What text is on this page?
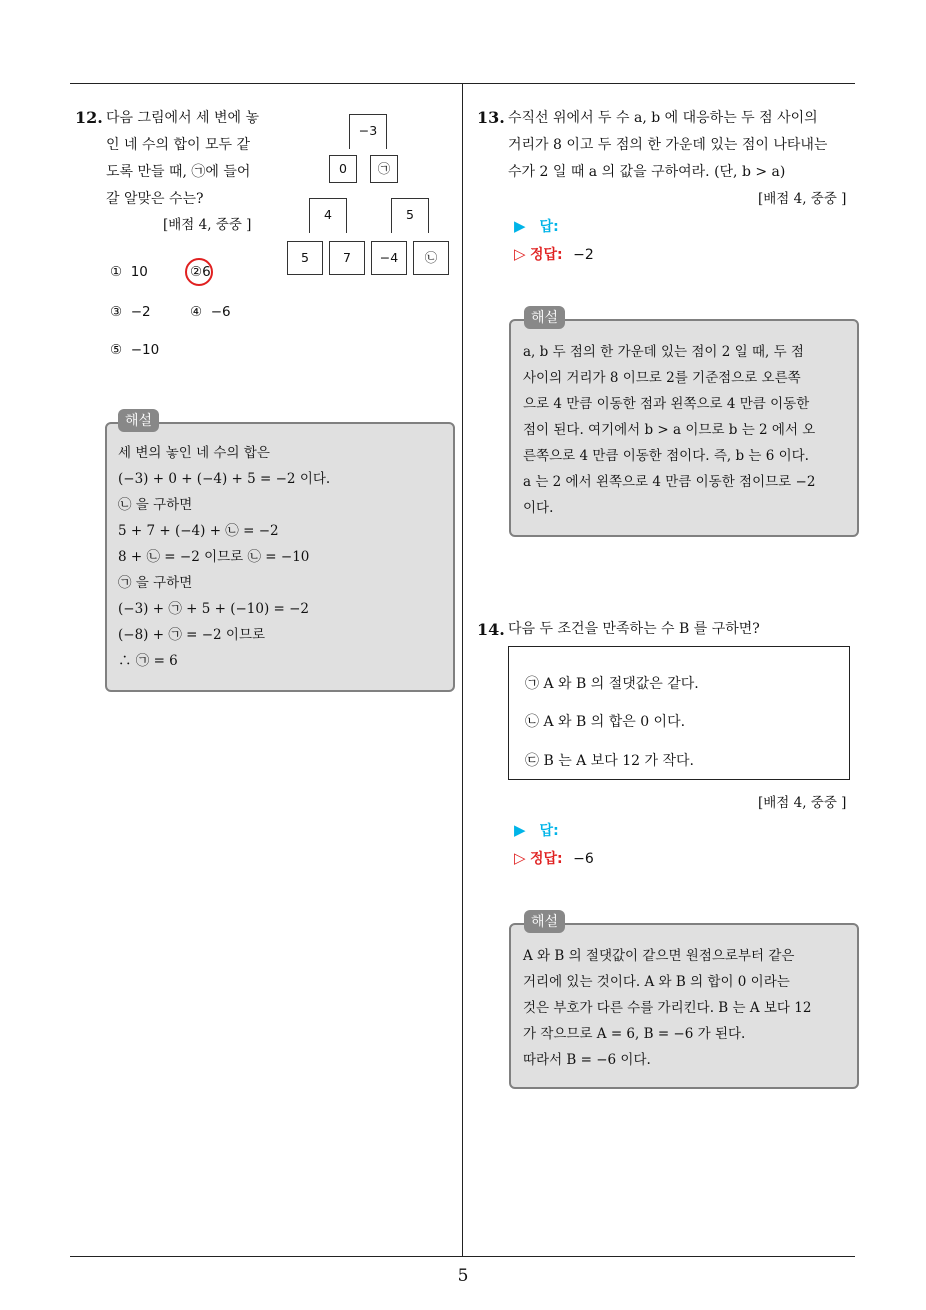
5
12. 다음 그림에서 세 변에 놓
인 네 수의 합이 모두 같
도록 만들 때, ㉠에 들어
갈 알맞은 수는?
[배점 4, 중중 ]
−3
0	㉠
4	5
5	7	−4	㉡
① 10	②6
③ −2	④ −6
⑤ −10
세 변의 놓인 네 수의 합은
(−3) + 0 + (−4) + 5 = −2 이다.
㉡ 을 구하면
5 + 7 + (−4) + ㉡ = −2
8 + ㉡ = −2 이므로 ㉡ = −10
㉠ 을 구하면
(−3) + ㉠ + 5 + (−10) = −2
(−8) + ㉠ = −2 이므로
∴ ㉠ = 6
해설
13. 수직선 위에서 두 수 a, b 에 대응하는 두 점 사이의
거리가 8 이고 두 점의 한 가운데 있는 점이 나타내는
수가 2 일 때 a 의 값을 구하여라. (단, b > a)
[배점 4, 중중 ]
▶ 답:
▷ 정답: −2
a, b 두 점의 한 가운데 있는 점이 2 일 때, 두 점
사이의 거리가 8 이므로 2를 기준점으로 오른쪽
으로 4 만큼 이동한 점과 왼쪽으로 4 만큼 이동한
점이 된다. 여기에서 b > a 이므로 b 는 2 에서 오
른쪽으로 4 만큼 이동한 점이다. 즉, b 는 6 이다.
a 는 2 에서 왼쪽으로 4 만큼 이동한 점이므로 −2
이다.
해설
14. 다음 두 조건을 만족하는 수 B 를 구하면?
㉠ A 와 B 의 절댓값은 같다.
㉡ A 와 B 의 합은 0 이다.
㉢ B 는 A 보다 12 가 작다.
[배점 4, 중중 ]
▶ 답:
▷ 정답: −6
A 와 B 의 절댓값이 같으면 원점으로부터 같은
거리에 있는 것이다. A 와 B 의 합이 0 이라는
것은 부호가 다른 수를 가리킨다. B 는 A 보다 12
가 작으므로 A = 6, B = −6 가 된다.
따라서 B = −6 이다.
해설
